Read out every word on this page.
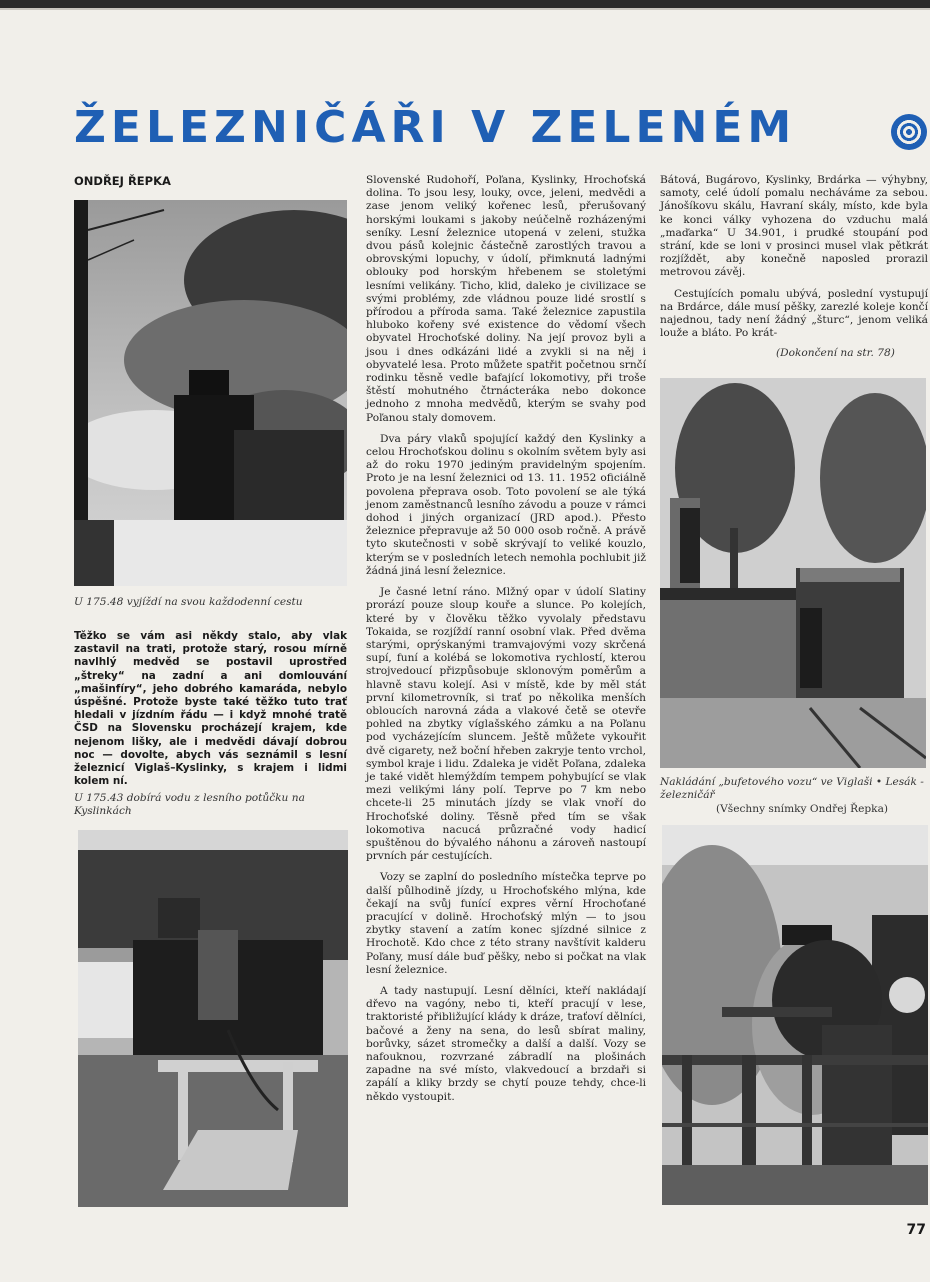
ŽELEZNIČÁŘI V ZELENÉM
ONDŘEJ ŘEPKA
U 175.48 vyjíždí na svou každodenní cestu
Těžko se vám asi někdy stalo, aby vlak zastavil na trati, protože starý, rosou mírně navlhlý medvěd se postavil uprostřed „štreky“ na zadní a ani domlouvání „mašinfíry“, jeho dobrého kamaráda, nebylo úspěšné. Protože byste také těžko tuto trať hledali v jízdním řádu — i když mnohé tratě ČSD na Slovensku procházejí krajem, kde nejenom lišky, ale i medvědi dávají dobrou noc — dovolte, abych vás seznámil s lesní železnicí Viglaš–Kyslinky, s krajem i lidmi kolem ní.
U 175.43 dobírá vodu z lesního potůčku na Kyslinkách

Slovenské Rudohoří, Poľana, Kyslinky, Hrochoťská dolina. To jsou lesy, louky, ovce, jeleni, medvědi a zase jenom veliký kořenec lesů, přerušovaný horskými loukami s jakoby neúčelně rozházenými seníky. Lesní železnice utopená v zeleni, stužka dvou pásů kolejnic částečně zarostlých travou a obrovskými lopuchy, v údolí, přimknutá ladnými oblouky pod horským hřebenem se stoletými lesními velikány. Ticho, klid, daleko je civilizace se svými problémy, zde vládnou pouze lidé srostlí s přírodou a příroda sama. Také železnice zapustila hluboko kořeny své existence do vědomí všech obyvatel Hrochoťské doliny. Na její provoz byli a jsou i dnes odkázáni lidé a zvykli si na něj i obyvatelé lesa. Proto můžete spatřit početnou srnčí rodinku těsně vedle bafající lokomotivy, při troše štěstí mohutného čtrnácteráka nebo dokonce jednoho z mnoha medvědů, kterým se svahy pod Poľanou staly domovem.

Dva páry vlaků spojující každý den Kyslinky a celou Hrochoťskou dolinu s okolním světem byly asi až do roku 1970 jediným pravidelným spojením. Proto je na lesní železnici od 13. 11. 1952 oficiálně povolena přeprava osob. Toto povolení se ale týká jenom zaměstnanců lesního závodu a pouze v rámci dohod i jiných organizací (JRD apod.). Přesto železnice přepravuje až 50 000 osob ročně. A právě tyto skutečnosti v sobě skrývají to veliké kouzlo, kterým se v posledních letech nemohla pochlubit již žádná jiná lesní železnice.

Je časné letní ráno. Mlžný opar v údolí Slatiny prorází pouze sloup kouře a slunce. Po kolejích, které by v člověku těžko vyvolaly představu Tokaida, se rozjíždí ranní osobní vlak. Před dvěma starými, oprýskanými tramvajovými vozy skrčená supí, funí a kolébá se lokomotiva rychlostí, kterou strojvedoucí přizpůsobuje sklonovým poměrům a hlavně stavu kolejí. Asi v místě, kde by měl stát první kilometrovník, si trať po několika menších obloucích narovná záda a vlakové četě se otevře pohled na zbytky víglašského zámku a na Poľanu pod vycházejícím sluncem. Ještě můžete vykouřit dvě cigarety, než boční hřeben zakryje tento vrchol, symbol kraje i lidu. Zdaleka je vidět Poľana, zdaleka je také vidět hlemýždím tempem pohybující se vlak mezi velikými lány polí. Teprve po 7 km nebo chcete-li 25 minutách jízdy se vlak vnoří do Hrochoťské doliny. Těsně před tím se však lokomotiva nacucá průzračné vody hadicí spuštěnou do bývalého náhonu a zároveň nastoupí prvních pár cestujících.

Vozy se zaplní do posledního místečka teprve po další půlhodině jízdy, u Hrochoťského mlýna, kde čekají na svůj funící expres věrní Hrochoťané pracující v dolině. Hrochoťský mlýn — to jsou zbytky stavení a zatím konec sjízdné silnice z Hrochotě. Kdo chce z této strany navštívit kalderu Poľany, musí dále buď pěšky, nebo si počkat na vlak lesní železnice.

A tady nastupují. Lesní dělníci, kteří nakládají dřevo na vagóny, nebo ti, kteří pracují v lese, traktoristé přibližující klády k dráze, traťoví dělníci, bačové a ženy na sena, do lesů sbírat maliny, borůvky, sázet stromečky a další a další. Vozy se nafouknou, rozvrzané zábradlí na plošinách zapadne na své místo, vlakvedoucí a brzdaři si zapálí a kliky brzdy se chytí pouze tehdy, chce-li někdo vystoupit.

Bátová, Bugárovo, Kyslinky, Brdárka — výhybny, samoty, celé údolí pomalu necháváme za sebou. Jánošíkovu skálu, Havraní skály, místo, kde byla ke konci války vyhozena do vzduchu malá „maďarka“ U 34.901, i prudké stoupání pod strání, kde se loni v prosinci musel vlak pětkrát rozjíždět, aby konečně naposled prorazil metrovou závěj.

Cestujících pomalu ubývá, poslední vystupují na Brdárce, dále musí pěšky, zarezlé koleje končí najednou, tady není žádný „šturc“, jenom veliká louže a bláto. Po krát-

(Dokončení na str. 78)
Nakládání „bufetového vozu“ ve Viglaši • Lesák - železničář
(Všechny snímky Ondřej Řepka)
77
